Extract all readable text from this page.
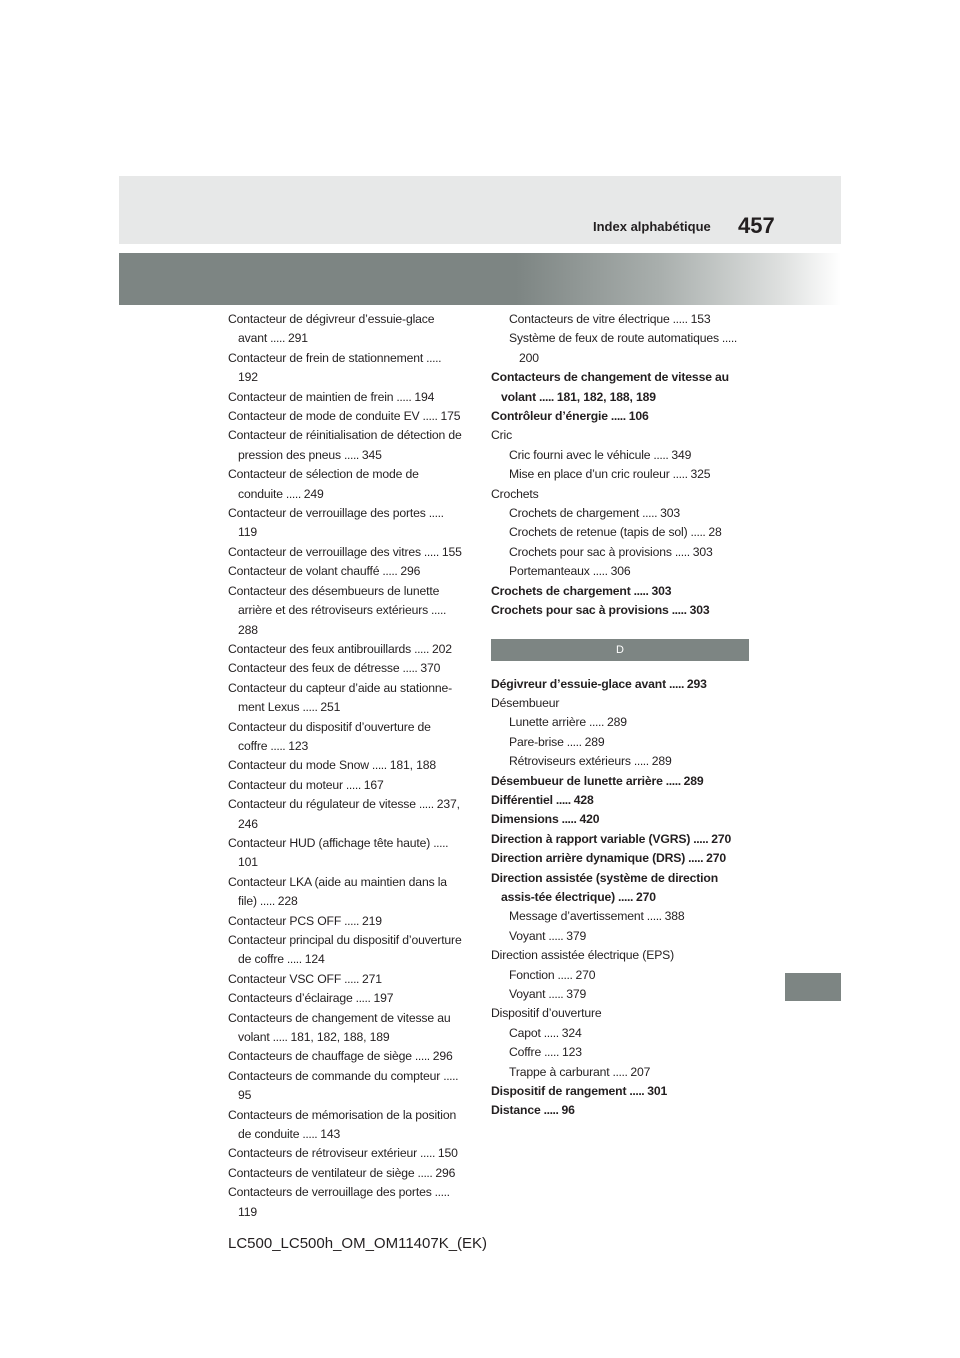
Index alphabétique 457
Contacteur de dégivreur d’essuie-glace avant ..... 291
Contacteur de frein de stationnement ..... 192
Contacteur de maintien de frein ..... 194
Contacteur de mode de conduite EV ..... 175
Contacteur de réinitialisation de détection de pression des pneus ..... 345
Contacteur de sélection de mode de conduite ..... 249
Contacteur de verrouillage des portes ..... 119
Contacteur de verrouillage des vitres ..... 155
Contacteur de volant chauffé ..... 296
Contacteur des désembueurs de lunette arrière et des rétroviseurs extérieurs ..... 288
Contacteur des feux antibrouillards ..... 202
Contacteur des feux de détresse ..... 370
Contacteur du capteur d’aide au stationne-ment Lexus ..... 251
Contacteur du dispositif d’ouverture de coffre ..... 123
Contacteur du mode Snow ..... 181, 188
Contacteur du moteur ..... 167
Contacteur du régulateur de vitesse ..... 237, 246
Contacteur HUD (affichage tête haute) ..... 101
Contacteur LKA (aide au maintien dans la file) ..... 228
Contacteur PCS OFF ..... 219
Contacteur principal du dispositif d’ouverture de coffre ..... 124
Contacteur VSC OFF ..... 271
Contacteurs d’éclairage ..... 197
Contacteurs de changement de vitesse au volant ..... 181, 182, 188, 189
Contacteurs de chauffage de siège ..... 296
Contacteurs de commande du compteur ..... 95
Contacteurs de mémorisation de la position de conduite ..... 143
Contacteurs de rétroviseur extérieur ..... 150
Contacteurs de ventilateur de siège ..... 296
Contacteurs de verrouillage des portes ..... 119
Contacteurs de vitre électrique ..... 153
Système de feux de route automatiques ..... 200
Contacteurs de changement de vitesse au volant ..... 181, 182, 188, 189
Contrôleur d’énergie ..... 106
Cric
Cric fourni avec le véhicule ..... 349
Mise en place d’un cric rouleur ..... 325
Crochets
Crochets de chargement ..... 303
Crochets de retenue (tapis de sol) ..... 28
Crochets pour sac à provisions ..... 303
Portemanteaux ..... 306
Crochets de chargement ..... 303
Crochets pour sac à provisions ..... 303
D
Dégivreur d’essuie-glace avant ..... 293
Désembueur
Lunette arrière ..... 289
Pare-brise ..... 289
Rétroviseurs extérieurs ..... 289
Désembueur de lunette arrière ..... 289
Différentiel ..... 428
Dimensions ..... 420
Direction à rapport variable (VGRS) ..... 270
Direction arrière dynamique (DRS) ..... 270
Direction assistée (système de direction assis-tée électrique) ..... 270
Message d’avertissement ..... 388
Voyant ..... 379
Direction assistée électrique (EPS)
Fonction ..... 270
Voyant ..... 379
Dispositif d’ouverture
Capot ..... 324
Coffre ..... 123
Trappe à carburant ..... 207
Dispositif de rangement ..... 301
Distance ..... 96
LC500_LC500h_OM_OM11407K_(EK)
